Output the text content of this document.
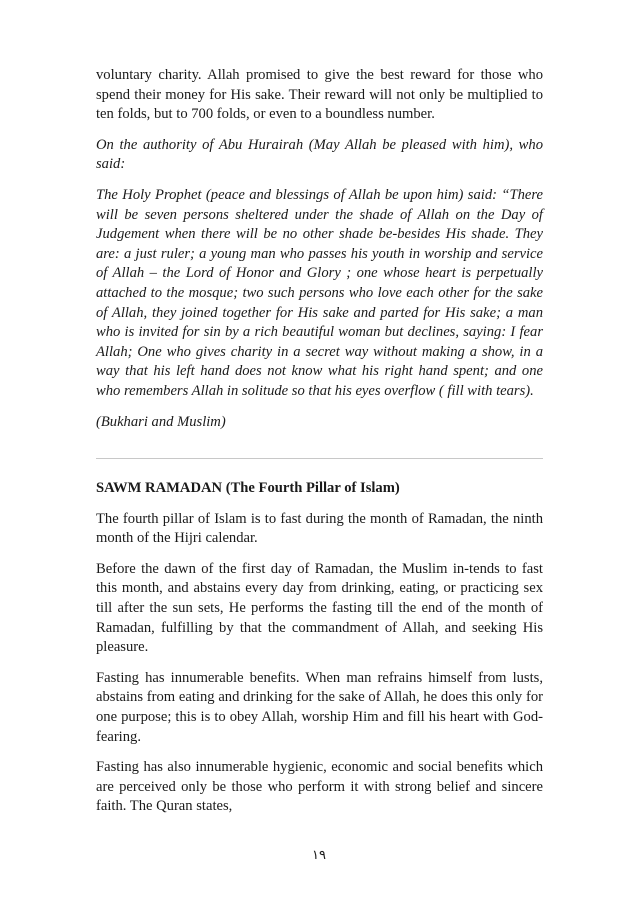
voluntary charity. Allah promised to give the best reward for those who spend their money for His sake. Their reward will not only be multiplied to ten folds, but to 700 folds, or even to a boundless number.

On the authority of Abu Hurairah (May Allah be pleased with him), who said:

The Holy Prophet (peace and blessings of Allah be upon him) said: “There will be seven persons sheltered under the shade of Allah on the Day of Judgement when there will be no other shade be-besides His shade. They are: a just ruler; a young man who passes his youth in worship and service of Allah – the Lord of Honor and Glory ; one whose heart is perpetually attached to the mosque; two such persons who love each other for the sake of Allah, they joined together for His sake and parted for His sake; a man who is invited for sin by a rich beautiful woman but declines, saying: I fear Allah; One who gives charity in a secret way without making a show, in a way that his left hand does not know what his right hand spent; and one who remembers Allah in solitude so that his eyes overflow ( fill with tears).

(Bukhari and Muslim)

SAWM RAMADAN (The Fourth Pillar of Islam)

The fourth pillar of Islam is to fast during the month of Ramadan, the ninth month of the Hijri calendar.

Before the dawn of the first day of Ramadan, the Muslim in-tends to fast this month, and abstains every day from drinking, eating, or practicing sex till after the sun sets, He performs the fasting till the end of the month of Ramadan, fulfilling by that the commandment of Allah, and seeking His pleasure.

Fasting has innumerable benefits. When man refrains himself from lusts, abstains from eating and drinking for the sake of Allah, he does this only for one purpose; this is to obey Allah, worship Him and fill his heart with God-fearing.

Fasting has also innumerable hygienic, economic and social benefits which are perceived only be those who perform it with strong belief and sincere faith. The Quran states,

١٩
